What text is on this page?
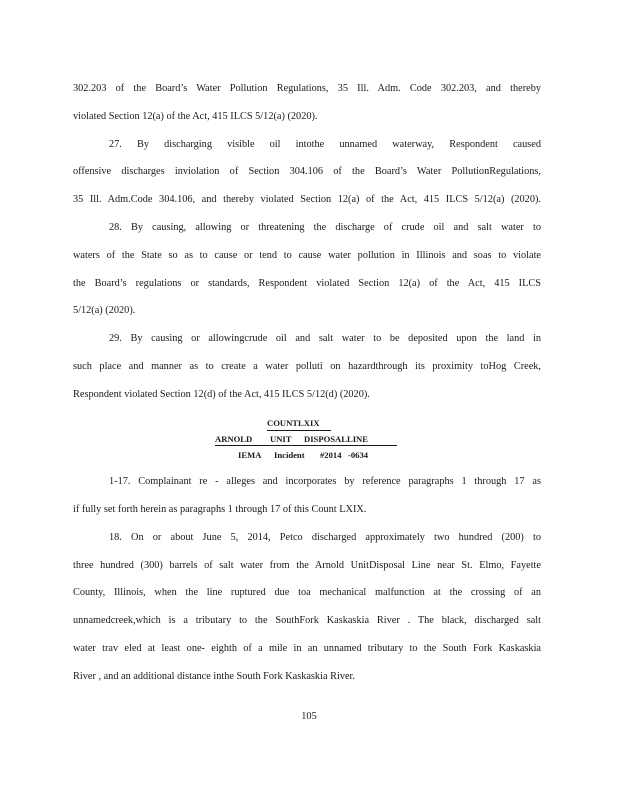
302.203 of the Board’s Water Pollution Regulations, 35 Ill. Adm. Code 302.203, and thereby
violated Section 12(a) of the Act, 415 ILCS 5/12(a) (2020).
27. By discharging visible oil intothe unnamed waterway, Respondent caused
offensive discharges inviolation of Section 304.106 of the Board’s Water PollutionRegulations,
35 Ill. Adm.Code 304.106, and thereby violated Section 12(a) of the Act, 415 ILCS 5/12(a) (2020).
28. By causing, allowing or threatening the discharge of crude oil and salt water to
waters of the State so as to cause or tend to cause water pollution in Illinois and soas to violate
the Board’s regulations or standards, Respondent violated Section 12(a) of the Act, 415 ILCS
5/12(a) (2020).
29. By causing or allowingcrude oil and salt water to be deposited upon the land in
such place and manner as to create a water polluti on hazardthrough its proximity toHog Creek,
Respondent violated Section 12(d) of the Act, 415 ILCS 5/12(d) (2020).
COUNTLXIX
ARNOLD UNIT DISPOSALLINE
IEMA Incident #2014 -0634
1-17. Complainant re - alleges and incorporates by reference paragraphs 1 through 17 as
if fully set forth herein as paragraphs 1 through 17 of this Count LXIX.
18. On or about June 5, 2014, Petco discharged approximately two hundred (200) to
three hundred (300) barrels of salt water from the Arnold UnitDisposal Line near St. Elmo, Fayette
County, Illinois, when the line ruptured due toa mechanical malfunction at the crossing of an
unnamedcreek,which is a tributary to the SouthFork Kaskaskia River . The black, discharged salt
water trav eled at least one- eighth of a mile in an unnamed tributary to the South Fork Kaskaskia
River , and an additional distance inthe South Fork Kaskaskia River.
105
